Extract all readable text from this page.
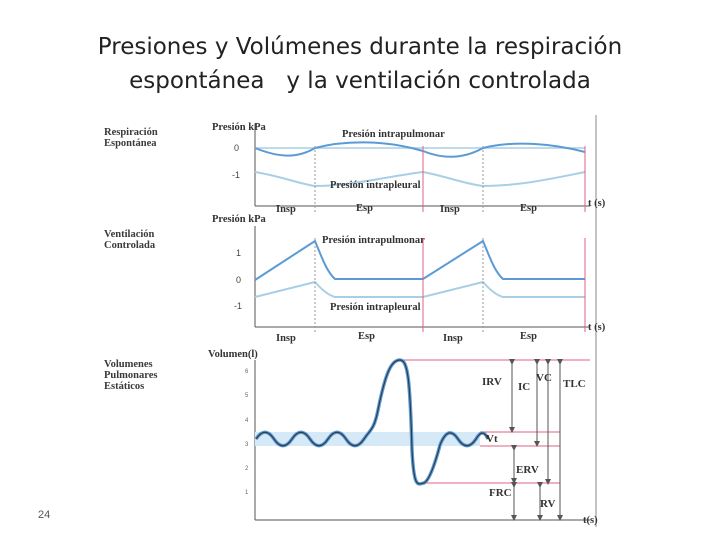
Presiones y Volúmenes durante la respiración
espontánea   y la ventilación controlada
24
Respiración
Espontánea
Presión kPa
0
-1
Presión intrapulmonar
Presión intrapleural
Insp	Esp	Insp	Esp	t (s)
Ventilación
Controlada
Presión kPa
1
0
-1
Presión intrapulmonar
Presión intrapleural
Insp	Esp	Insp	Esp
t (s)
Volumenes
Pulmonares
Estáticos
Volumen(l)
6
5
4
3
2
1
IRV IC
VC TLC
Vt
ERV
FRC
RV
t(s)
